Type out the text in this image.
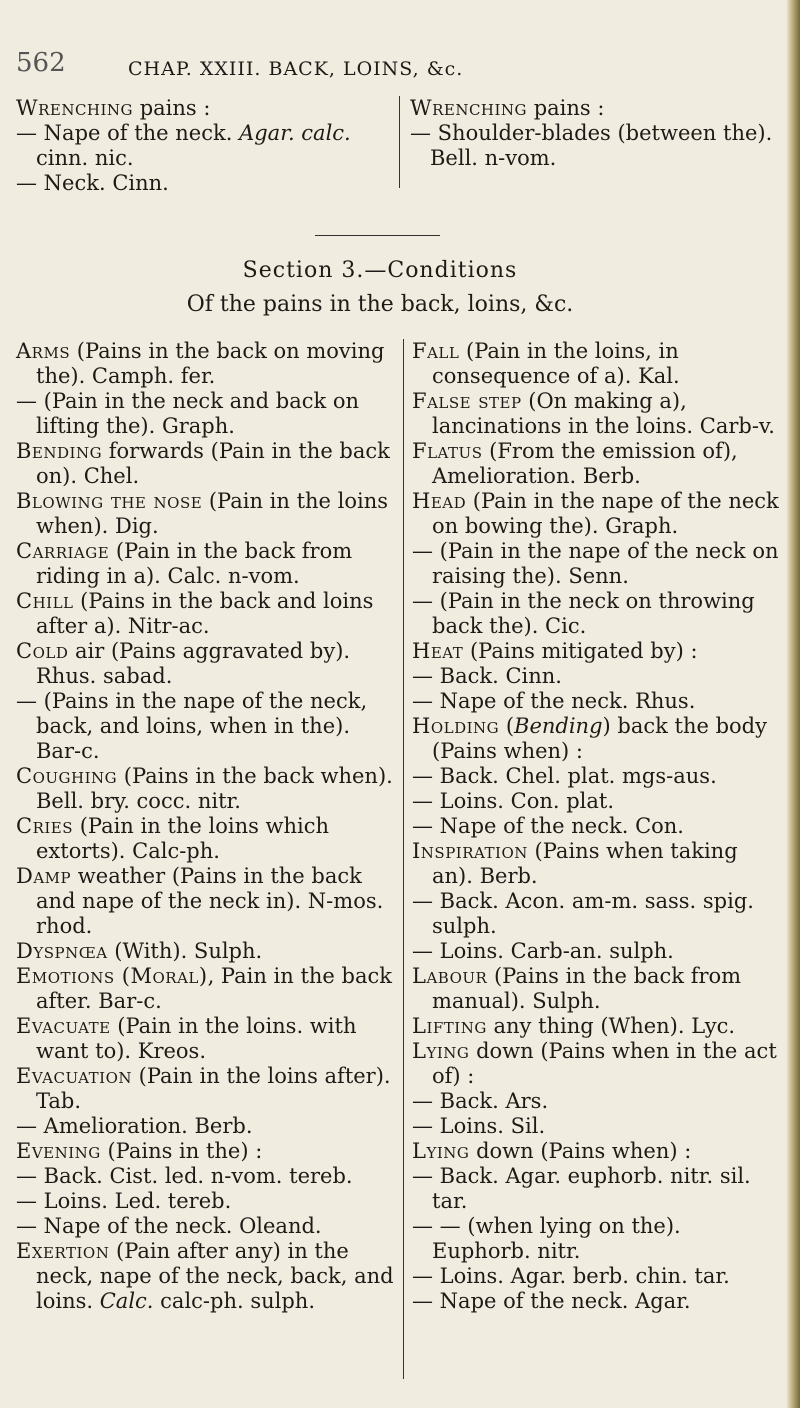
562	CHAP. XXIII. BACK, LOINS, &c.

Wrenching pains :

— Nape of the neck. Agar. calc. cinn. nic.

— Neck. Cinn.

Wrenching pains :

— Shoulder-blades (between the). Bell. n-vom.

Section 3.—Conditions
Of the pains in the back, loins, &c.

Arms (Pains in the back on moving the). Camph. fer.

— (Pain in the neck and back on lifting the). Graph.

Bending forwards (Pain in the back on). Chel.

Blowing the nose (Pain in the loins when). Dig.

Carriage (Pain in the back from riding in a). Calc. n-vom.

Chill (Pains in the back and loins after a). Nitr-ac.

Cold air (Pains aggravated by). Rhus. sabad.

— (Pains in the nape of the neck, back, and loins, when in the). Bar-c.

Coughing (Pains in the back when). Bell. bry. cocc. nitr.

Cries (Pain in the loins which extorts). Calc-ph.

Damp weather (Pains in the back and nape of the neck in). N-mos. rhod.

Dyspnœa (With). Sulph.

Emotions (Moral), Pain in the back after. Bar-c.

Evacuate (Pain in the loins. with want to). Kreos.

Evacuation (Pain in the loins after). Tab.

— Amelioration. Berb.

Evening (Pains in the) :

— Back. Cist. led. n-vom. tereb.

— Loins. Led. tereb.

— Nape of the neck. Oleand.

Exertion (Pain after any) in the neck, nape of the neck, back, and loins. Calc. calc-ph. sulph.

Fall (Pain in the loins, in consequence of a). Kal.

False step (On making a), lancinations in the loins. Carb-v.

Flatus (From the emission of), Amelioration. Berb.

Head (Pain in the nape of the neck on bowing the). Graph.

— (Pain in the nape of the neck on raising the). Senn.

— (Pain in the neck on throwing back the). Cic.

Heat (Pains mitigated by) :

— Back. Cinn.

— Nape of the neck. Rhus.

Holding (Bending) back the body (Pains when) :

— Back. Chel. plat. mgs-aus.

— Loins. Con. plat.

— Nape of the neck. Con.

Inspiration (Pains when taking an). Berb.

— Back. Acon. am-m. sass. spig. sulph.

— Loins. Carb-an. sulph.

Labour (Pains in the back from manual). Sulph.

Lifting any thing (When). Lyc.

Lying down (Pains when in the act of) :

— Back. Ars.

— Loins. Sil.

Lying down (Pains when) :

— Back. Agar. euphorb. nitr. sil. tar.

— — (when lying on the). Euphorb. nitr.

— Loins. Agar. berb. chin. tar.

— Nape of the neck. Agar.
